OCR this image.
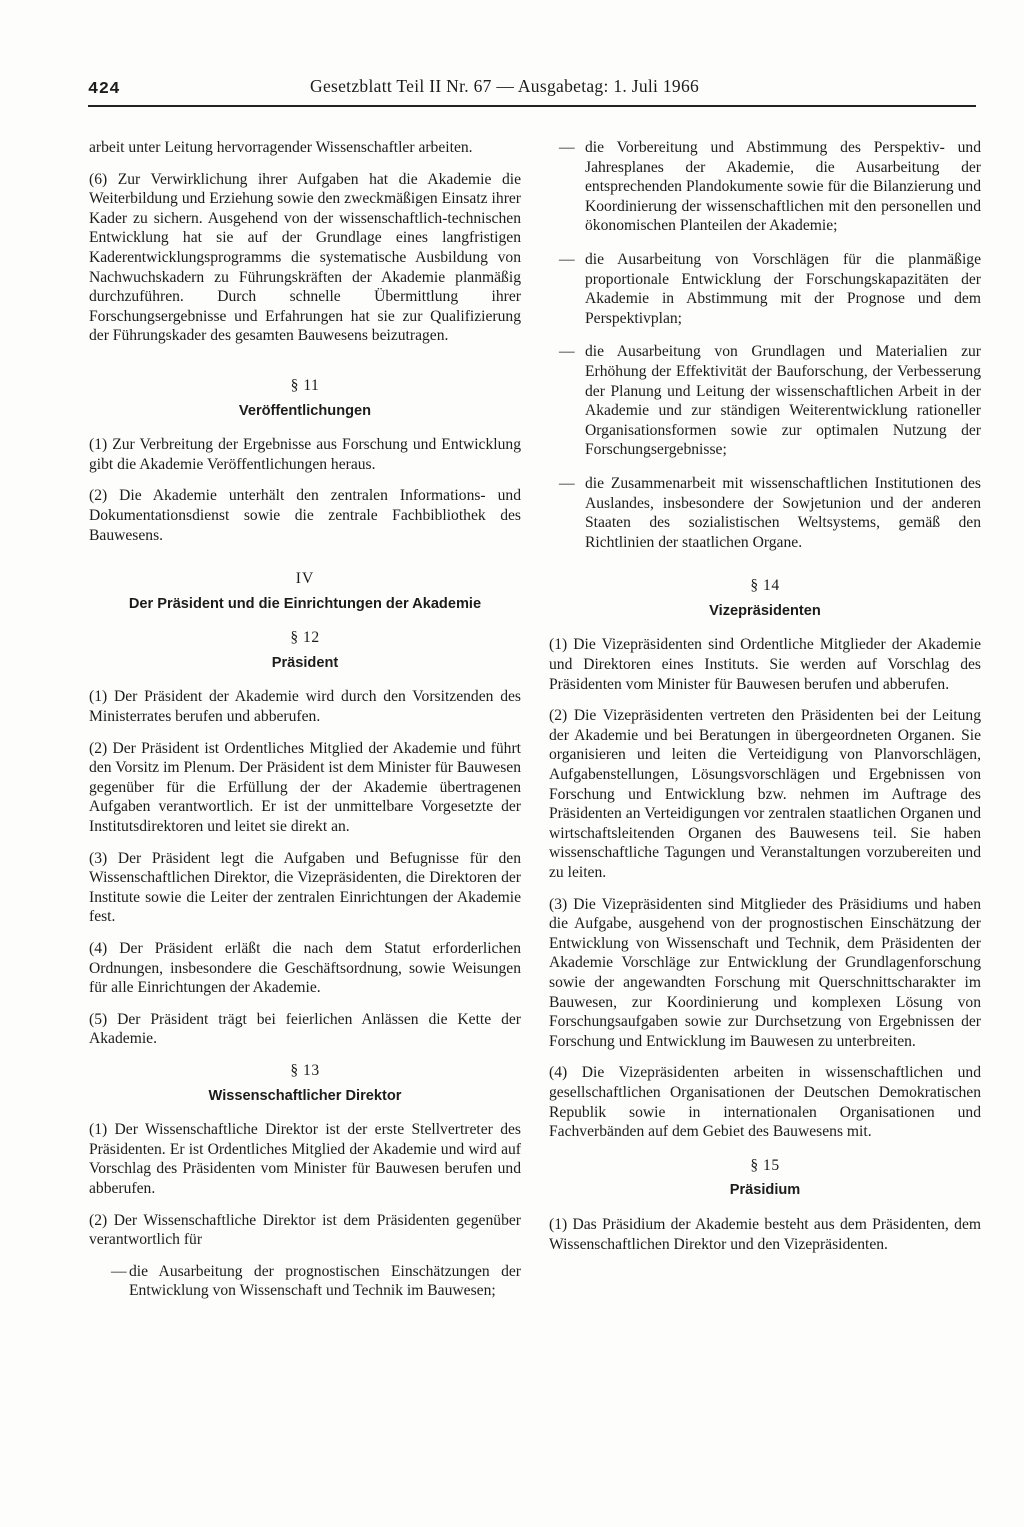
424	Gesetzblatt Teil II Nr. 67 — Ausgabetag: 1. Juli 1966

arbeit unter Leitung hervorragender Wissenschaftler arbeiten.

(6) Zur Verwirklichung ihrer Aufgaben hat die Akademie die Weiterbildung und Erziehung sowie den zweckmäßigen Einsatz ihrer Kader zu sichern. Ausgehend von der wissenschaftlich-technischen Entwicklung hat sie auf der Grundlage eines langfristigen Kaderentwicklungsprogramms die systematische Ausbildung von Nachwuchskadern zu Führungskräften der Akademie planmäßig durchzuführen. Durch schnelle Übermittlung ihrer Forschungsergebnisse und Erfahrungen hat sie zur Qualifizierung der Führungskader des gesamten Bauwesens beizutragen.

§ 11
Veröffentlichungen

(1) Zur Verbreitung der Ergebnisse aus Forschung und Entwicklung gibt die Akademie Veröffentlichungen heraus.

(2) Die Akademie unterhält den zentralen Informations- und Dokumentationsdienst sowie die zentrale Fachbibliothek des Bauwesens.

IV
Der Präsident und die Einrichtungen der Akademie
§ 12
Präsident

(1) Der Präsident der Akademie wird durch den Vorsitzenden des Ministerrates berufen und abberufen.

(2) Der Präsident ist Ordentliches Mitglied der Akademie und führt den Vorsitz im Plenum. Der Präsident ist dem Minister für Bauwesen gegenüber für die Erfüllung der der Akademie übertragenen Aufgaben verantwortlich. Er ist der unmittelbare Vorgesetzte der Institutsdirektoren und leitet sie direkt an.

(3) Der Präsident legt die Aufgaben und Befugnisse für den Wissenschaftlichen Direktor, die Vizepräsidenten, die Direktoren der Institute sowie die Leiter der zentralen Einrichtungen der Akademie fest.

(4) Der Präsident erläßt die nach dem Statut erforderlichen Ordnungen, insbesondere die Geschäftsordnung, sowie Weisungen für alle Einrichtungen der Akademie.

(5) Der Präsident trägt bei feierlichen Anlässen die Kette der Akademie.

§ 13
Wissenschaftlicher Direktor

(1) Der Wissenschaftliche Direktor ist der erste Stellvertreter des Präsidenten. Er ist Ordentliches Mitglied der Akademie und wird auf Vorschlag des Präsidenten vom Minister für Bauwesen berufen und abberufen.

(2) Der Wissenschaftliche Direktor ist dem Präsidenten gegenüber verantwortlich für

— die Ausarbeitung der prognostischen Einschätzungen der Entwicklung von Wissenschaft und Technik im Bauwesen;
— die Vorbereitung und Abstimmung des Perspektiv- und Jahresplanes der Akademie, die Ausarbeitung der entsprechenden Plandokumente sowie für die Bilanzierung und Koordinierung der wissenschaftlichen mit den personellen und ökonomischen Planteilen der Akademie;
— die Ausarbeitung von Vorschlägen für die planmäßige proportionale Entwicklung der Forschungskapazitäten der Akademie in Abstimmung mit der Prognose und dem Perspektivplan;
— die Ausarbeitung von Grundlagen und Materialien zur Erhöhung der Effektivität der Bauforschung, der Verbesserung der Planung und Leitung der wissenschaftlichen Arbeit in der Akademie und zur ständigen Weiterentwicklung rationeller Organisationsformen sowie zur optimalen Nutzung der Forschungsergebnisse;
— die Zusammenarbeit mit wissenschaftlichen Institutionen des Auslandes, insbesondere der Sowjetunion und der anderen Staaten des sozialistischen Weltsystems, gemäß den Richtlinien der staatlichen Organe.
§ 14
Vizepräsidenten

(1) Die Vizepräsidenten sind Ordentliche Mitglieder der Akademie und Direktoren eines Instituts. Sie werden auf Vorschlag des Präsidenten vom Minister für Bauwesen berufen und abberufen.

(2) Die Vizepräsidenten vertreten den Präsidenten bei der Leitung der Akademie und bei Beratungen in übergeordneten Organen. Sie organisieren und leiten die Verteidigung von Planvorschlägen, Aufgabenstellungen, Lösungsvorschlägen und Ergebnissen von Forschung und Entwicklung bzw. nehmen im Auftrage des Präsidenten an Verteidigungen vor zentralen staatlichen Organen und wirtschaftsleitenden Organen des Bauwesens teil. Sie haben wissenschaftliche Tagungen und Veranstaltungen vorzubereiten und zu leiten.

(3) Die Vizepräsidenten sind Mitglieder des Präsidiums und haben die Aufgabe, ausgehend von der prognostischen Einschätzung der Entwicklung von Wissenschaft und Technik, dem Präsidenten der Akademie Vorschläge zur Entwicklung der Grundlagenforschung sowie der angewandten Forschung mit Querschnittscharakter im Bauwesen, zur Koordinierung und komplexen Lösung von Forschungsaufgaben sowie zur Durchsetzung von Ergebnissen der Forschung und Entwicklung im Bauwesen zu unterbreiten.

(4) Die Vizepräsidenten arbeiten in wissenschaftlichen und gesellschaftlichen Organisationen der Deutschen Demokratischen Republik sowie in internationalen Organisationen und Fachverbänden auf dem Gebiet des Bauwesens mit.

§ 15
Präsidium

(1) Das Präsidium der Akademie besteht aus dem Präsidenten, dem Wissenschaftlichen Direktor und den Vizepräsidenten.
